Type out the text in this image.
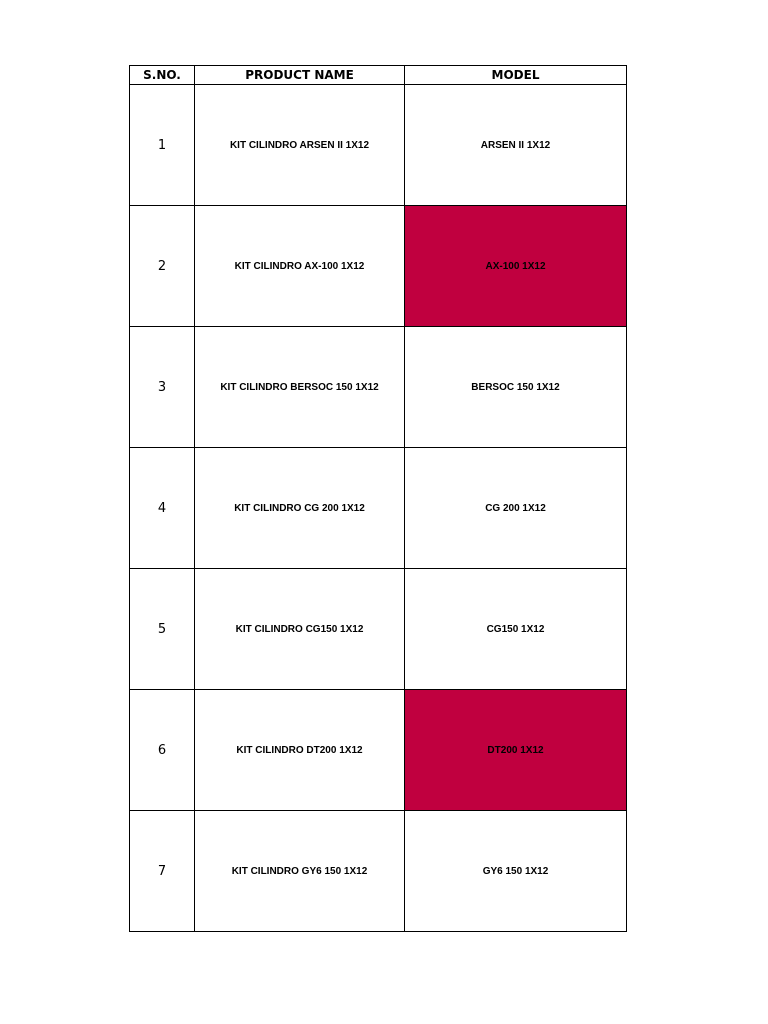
S.NO.	PRODUCT NAME	MODEL
1	KIT CILINDRO ARSEN II 1X12	ARSEN II 1X12
2	KIT CILINDRO AX-100 1X12	AX-100 1X12
3	KIT CILINDRO BERSOC 150 1X12	BERSOC 150 1X12
4	KIT CILINDRO CG 200 1X12	CG 200 1X12
5	KIT CILINDRO CG150 1X12	CG150 1X12
6	KIT CILINDRO DT200 1X12	DT200 1X12
7	KIT CILINDRO GY6 150 1X12	GY6 150 1X12
